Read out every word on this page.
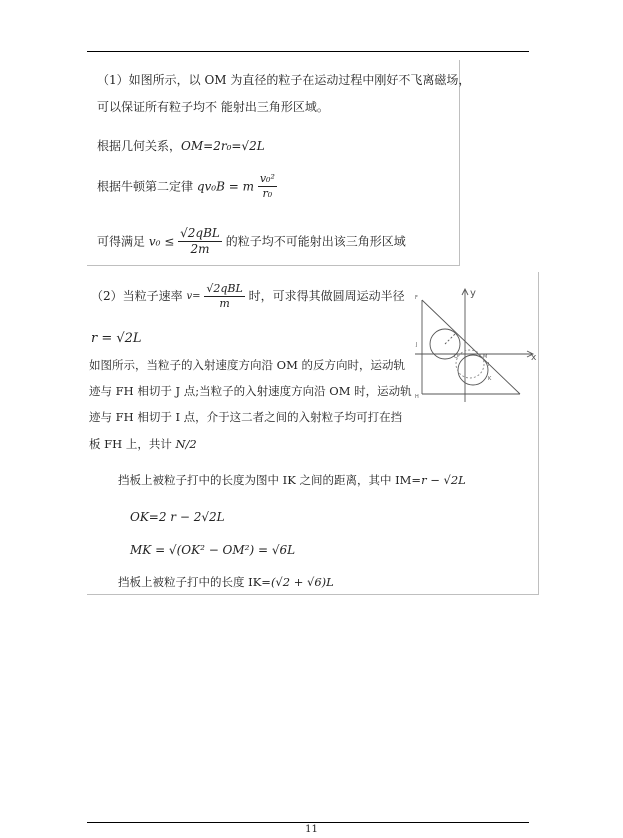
（1）如图所示，以 OM 为直径的粒子在运动过程中刚好不飞离磁场，
可以保证所有粒子均不 能射出三角形区域。
根据几何关系，OM=2r₀=√2L
根据牛顿第二定律 qv₀B = m $\frac{\text{v₀²}}{\text{r₀}}$
可得满足 $v_0 \le \frac{\text{√2qBL}}{2m}$ 的粒子均不可能射出该三角形区域
（2）当粒子速率 $v= \frac{\text{√2qBL}}{m}$ 时，可求得其做圆周运动半径
r = √2L
如图所示，当粒子的入射速度方向沿 OM 的反方向时，运动轨
迹与 FH 相切于 J 点;当粒子的入射速度方向沿 OM 时，运动轨
迹与 FH 相切于 I 点，介于这二者之间的入射粒子均可打在挡
板 FH 上，共计 N/2
挡板上被粒子打中的长度为图中 IK 之间的距离，其中 IM=r − √2L
OK=2 r − 2√2L
MK = √(OK² − OM²) = √6L
挡板上被粒子打中的长度 IK=(√2 + √6)L
y
x
F
H
J
O	M
I
K
11
